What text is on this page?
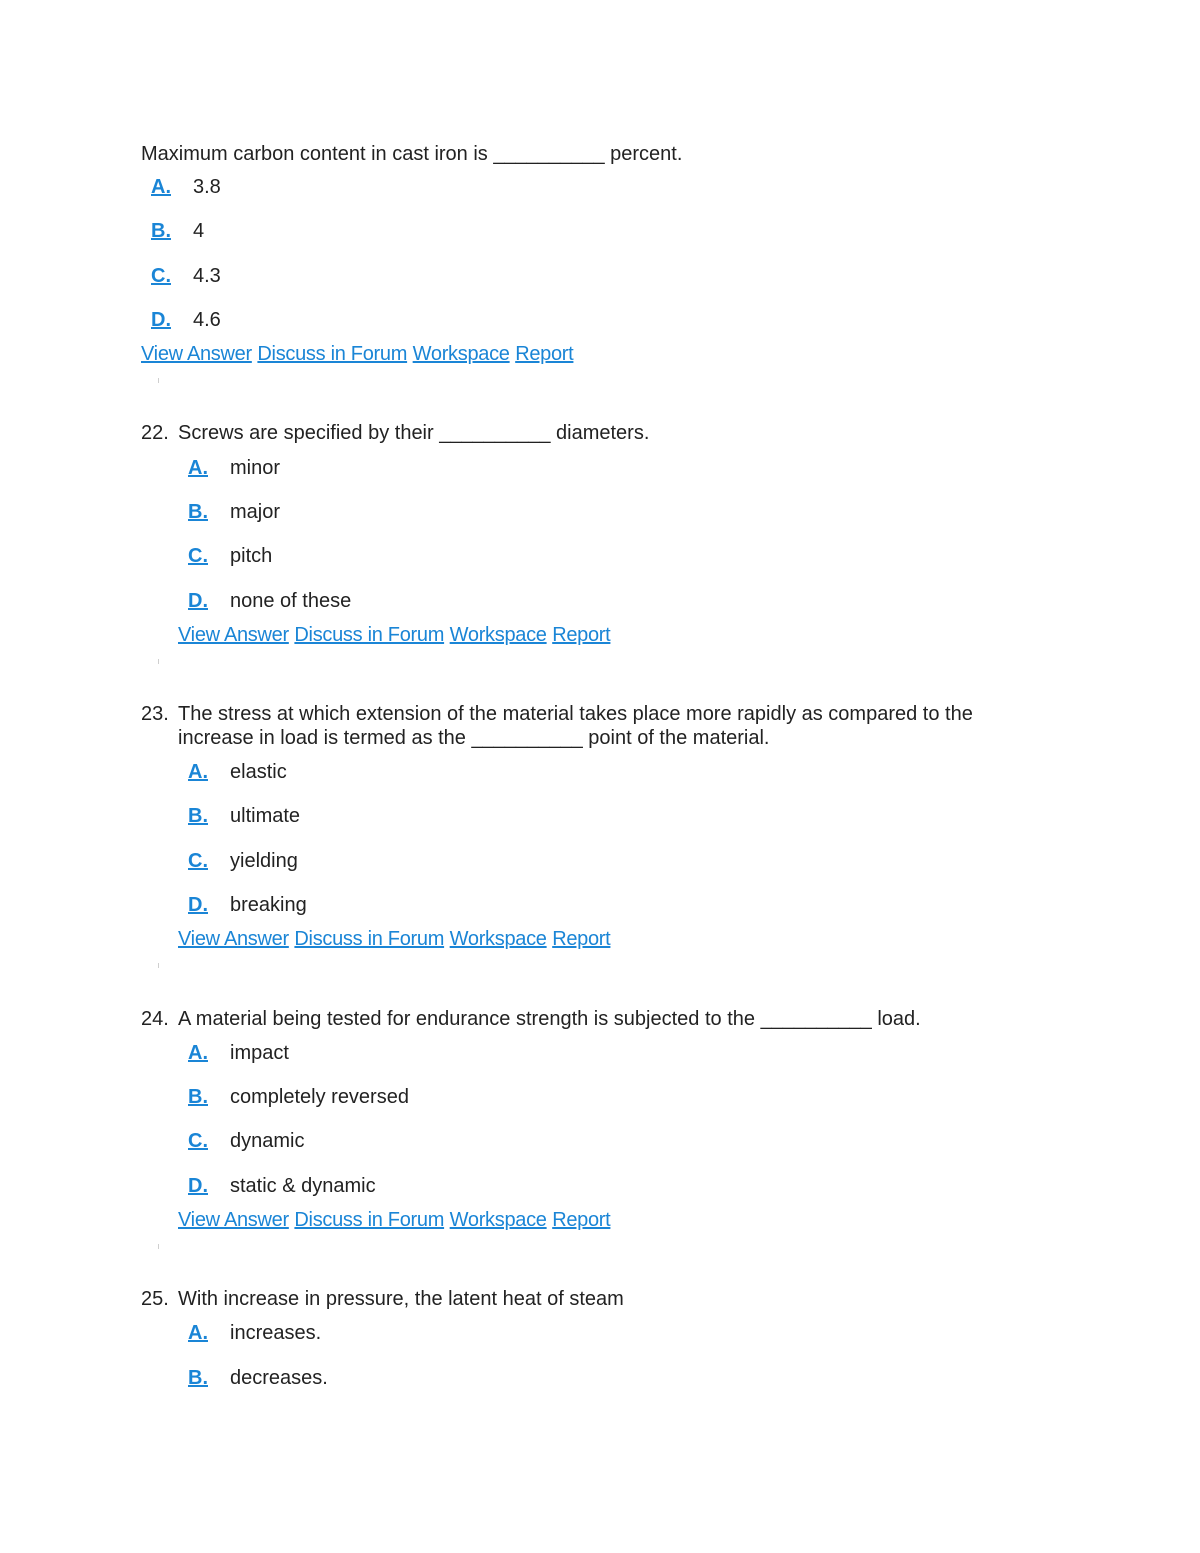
Maximum carbon content in cast iron is __________ percent.
A. 3.8
B. 4
C. 4.3
D. 4.6
View Answer Discuss in Forum Workspace Report
22. Screws are specified by their __________ diameters.
A. minor
B. major
C. pitch
D. none of these
View Answer Discuss in Forum Workspace Report
23. The stress at which extension of the material takes place more rapidly as compared to the
increase in load is termed as the __________ point of the material.
A. elastic
B. ultimate
C. yielding
D. breaking
View Answer Discuss in Forum Workspace Report
24. A material being tested for endurance strength is subjected to the __________ load.
A. impact
B. completely reversed
C. dynamic
D. static & dynamic
View Answer Discuss in Forum Workspace Report
25. With increase in pressure, the latent heat of steam
A. increases.
B. decreases.
